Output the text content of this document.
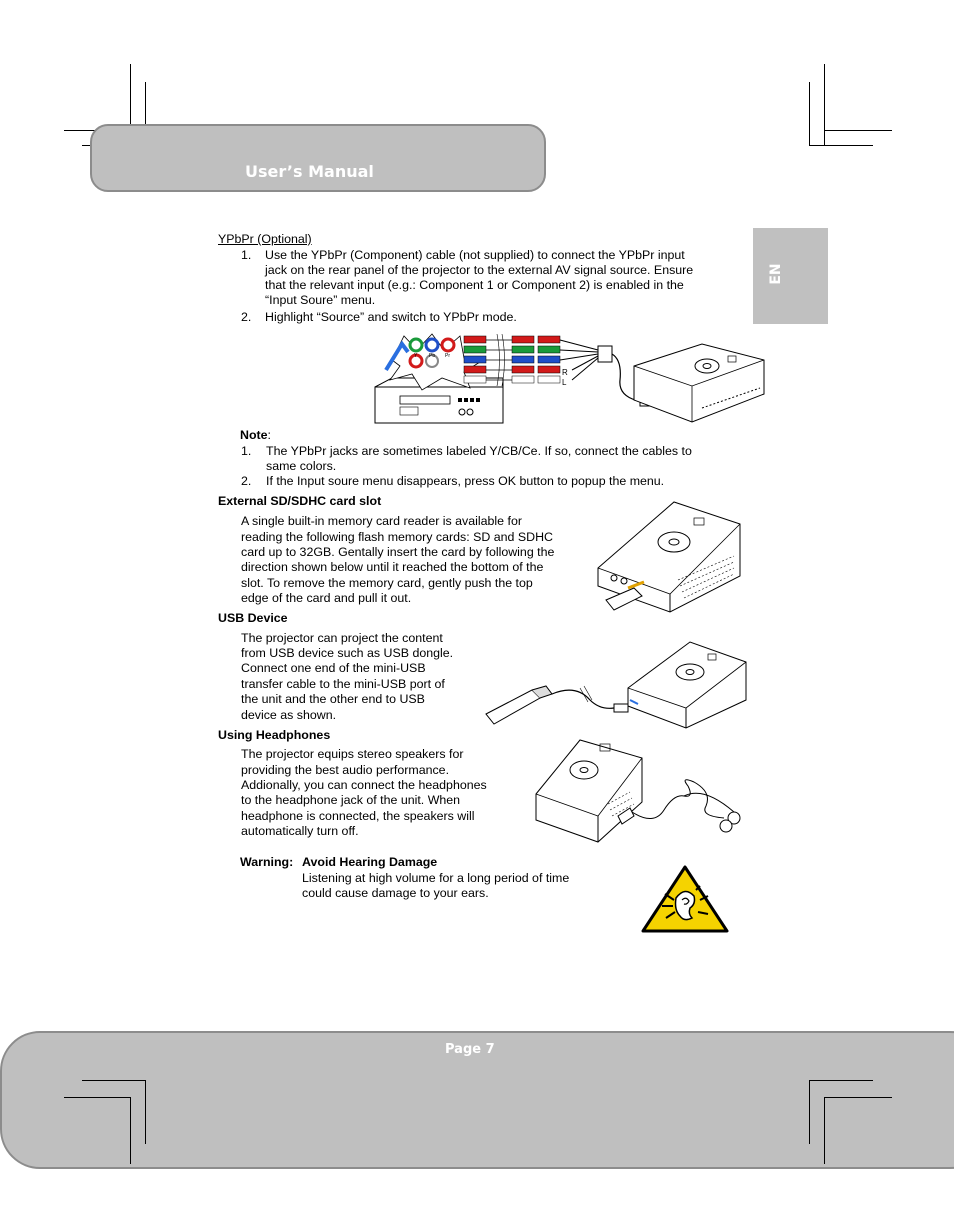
User’s Manual
EN
YPbPr (Optional)
1. Use the YPbPr (Component) cable (not supplied) to connect the YPbPr input
jack on the rear panel of the projector to the external AV signal source. Ensure
that the relevant input (e.g.: Component 1 or Component 2) is enabled in the
“Input Soure” menu.
2. Highlight “Source” and switch to YPbPr mode.
Y Pb Pr
R
L
Note:
1. The YPbPr jacks are sometimes labeled Y/CB/Ce. If so, connect the cables to
same colors.
2. If the Input soure menu disappears, press OK button to popup the menu.
External SD/SDHC card slot
A single built-in memory card reader is available for
reading the following flash memory cards: SD and SDHC
card up to 32GB. Gentally insert the card by following the
direction shown below until it reached the bottom of the
slot. To remove the memory card, gently push the top
edge of the card and pull it out.
USB Device
The projector can project the content
from USB device such as USB dongle.
Connect one end of the mini-USB
transfer cable to the mini-USB port of
the unit and the other end to USB
device as shown.
Using Headphones
The projector equips stereo speakers for
providing the best audio performance.
Addionally, you can connect the headphones
to the headphone jack of the unit. When
headphone is connected, the speakers will
automatically turn off.
Warning: Avoid Hearing Damage
Listening at high volume for a long period of time
could cause damage to your ears.
Page 7
